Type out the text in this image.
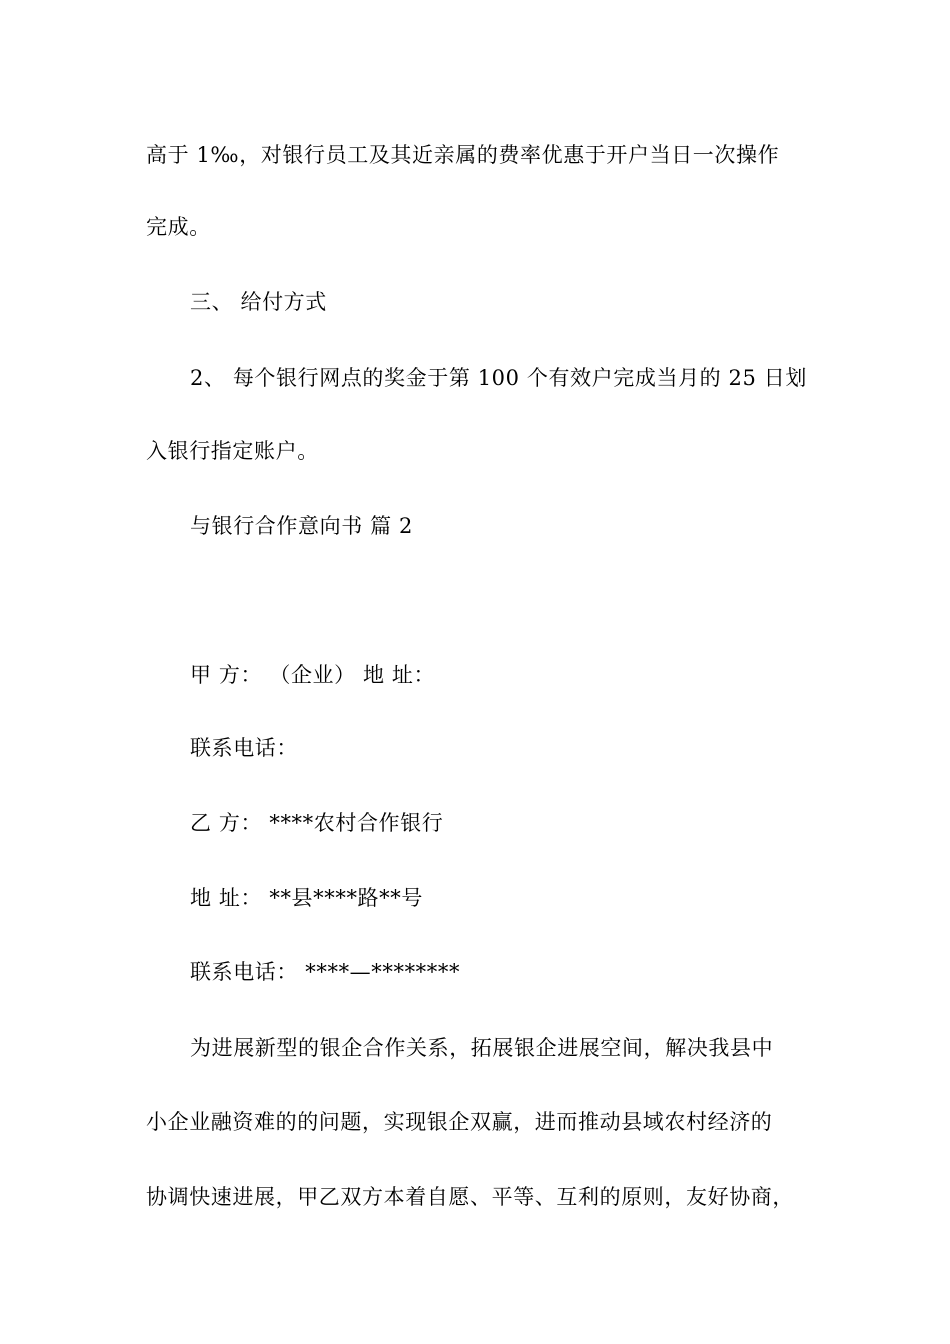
高于 1‰，对银行员工及其近亲属的费率优惠于开户当日一次操作

完成。

三、 给付方式

2、 每个银行网点的奖金于第 100 个有效户完成当月的 25 日划

入银行指定账户。

与银行合作意向书 篇 2

甲 方： （企业） 地 址：

联系电话：

乙 方： ****农村合作银行

地 址： **县****路**号

联系电话： ****—********

为进展新型的银企合作关系，拓展银企进展空间，解决我县中

小企业融资难的的问题，实现银企双赢，进而推动县域农村经济的

协调快速进展，甲乙双方本着自愿、平等、互利的原则，友好协商，
